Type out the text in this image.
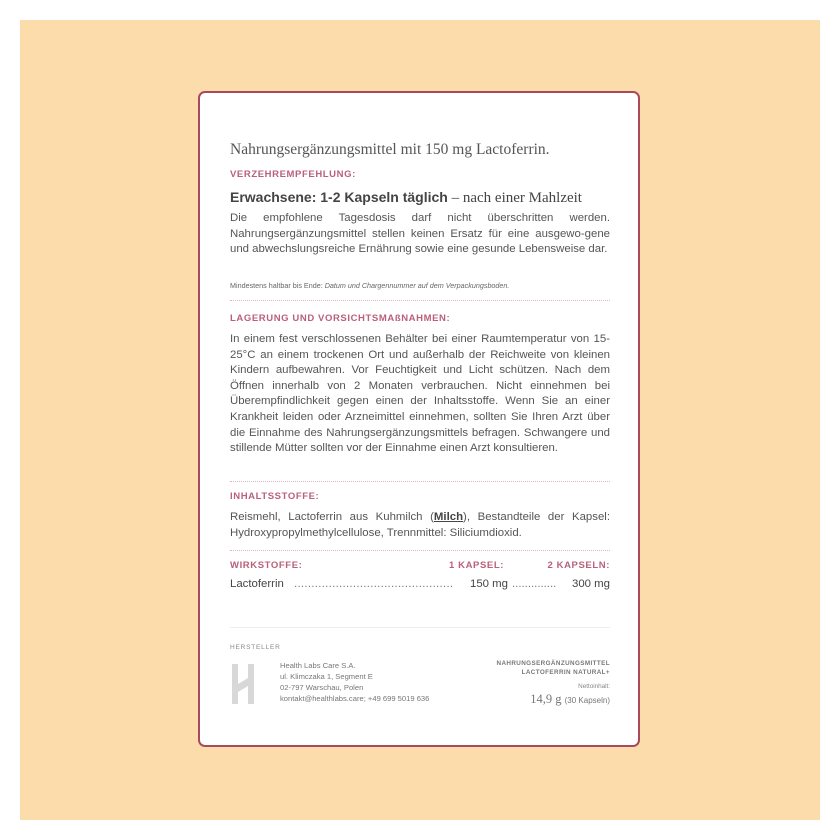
Nahrungsergänzungsmittel mit 150 mg Lactoferrin.
VERZEHREMPFEHLUNG:
Erwachsene: 1-2 Kapseln täglich – nach einer Mahlzeit
Die empfohlene Tagesdosis darf nicht überschritten werden. Nahrungsergänzungsmittel stellen keinen Ersatz für eine ausgewo-gene und abwechslungsreiche Ernährung sowie eine gesunde Lebensweise dar.
Mindestens haltbar bis Ende: Datum und Chargennummer auf dem Verpackungsboden.
LAGERUNG UND VORSICHTSMAßNAHMEN:
In einem fest verschlossenen Behälter bei einer Raumtemperatur von 15-25°C an einem trockenen Ort und außerhalb der Reichweite von kleinen Kindern aufbewahren. Vor Feuchtigkeit und Licht schützen. Nach dem Öffnen innerhalb von 2 Monaten verbrauchen. Nicht einnehmen bei Überempfindlichkeit gegen einen der Inhaltsstoffe. Wenn Sie an einer Krankheit leiden oder Arzneimittel einnehmen, sollten Sie Ihren Arzt über die Einnahme des Nahrungsergänzungsmittels befragen. Schwangere und stillende Mütter sollten vor der Einnahme einen Arzt konsultieren.
INHALTSSTOFFE:
Reismehl, Lactoferrin aus Kuhmilch (Milch), Bestandteile der Kapsel: Hydroxypropylmethylcellulose, Trennmittel: Siliciumdioxid.
WIRKSTOFFE:	1 KAPSEL:	2 KAPSELN:
Lactoferrin .............................................. 150 mg .............. 300 mg
HERSTELLER
Health Labs Care S.A.
ul. Klimczaka 1, Segment E
02-797 Warschau, Polen
kontakt@healthlabs.care; +49 699 5019 636
NAHRUNGSERGÄNZUNGSMITTEL
LACTOFERRIN NATURAL+
Nettoinhalt:
14,9 g (30 Kapseln)
